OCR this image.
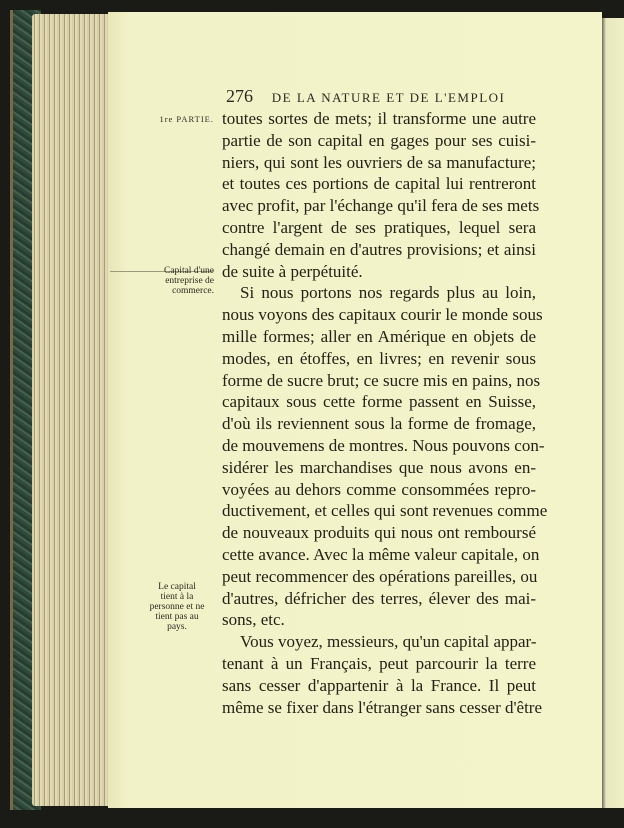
276 DE LA NATURE ET DE L'EMPLOI
1re PARTIE.
Capital d'une
entreprise de
commerce.
Le capital
tient à la
personne et ne
tient pas au
pays.
toutes sortes de mets; il transforme une autre
partie de son capital en gages pour ses cuisi-
niers, qui sont les ouvriers de sa manufacture;
et toutes ces portions de capital lui rentreront
avec profit, par l'échange qu'il fera de ses mets
contre l'argent de ses pratiques, lequel sera
changé demain en d'autres provisions; et ainsi
de suite à perpétuité.
Si nous portons nos regards plus au loin,
nous voyons des capitaux courir le monde sous
mille formes; aller en Amérique en objets de
modes, en étoffes, en livres; en revenir sous
forme de sucre brut; ce sucre mis en pains, nos
capitaux sous cette forme passent en Suisse,
d'où ils reviennent sous la forme de fromage,
de mouvemens de montres. Nous pouvons con-
sidérer les marchandises que nous avons en-
voyées au dehors comme consommées repro-
ductivement, et celles qui sont revenues comme
de nouveaux produits qui nous ont remboursé
cette avance. Avec la même valeur capitale, on
peut recommencer des opérations pareilles, ou
d'autres, défricher des terres, élever des mai-
sons, etc.
Vous voyez, messieurs, qu'un capital appar-
tenant à un Français, peut parcourir la terre
sans cesser d'appartenir à la France. Il peut
même se fixer dans l'étranger sans cesser d'être
